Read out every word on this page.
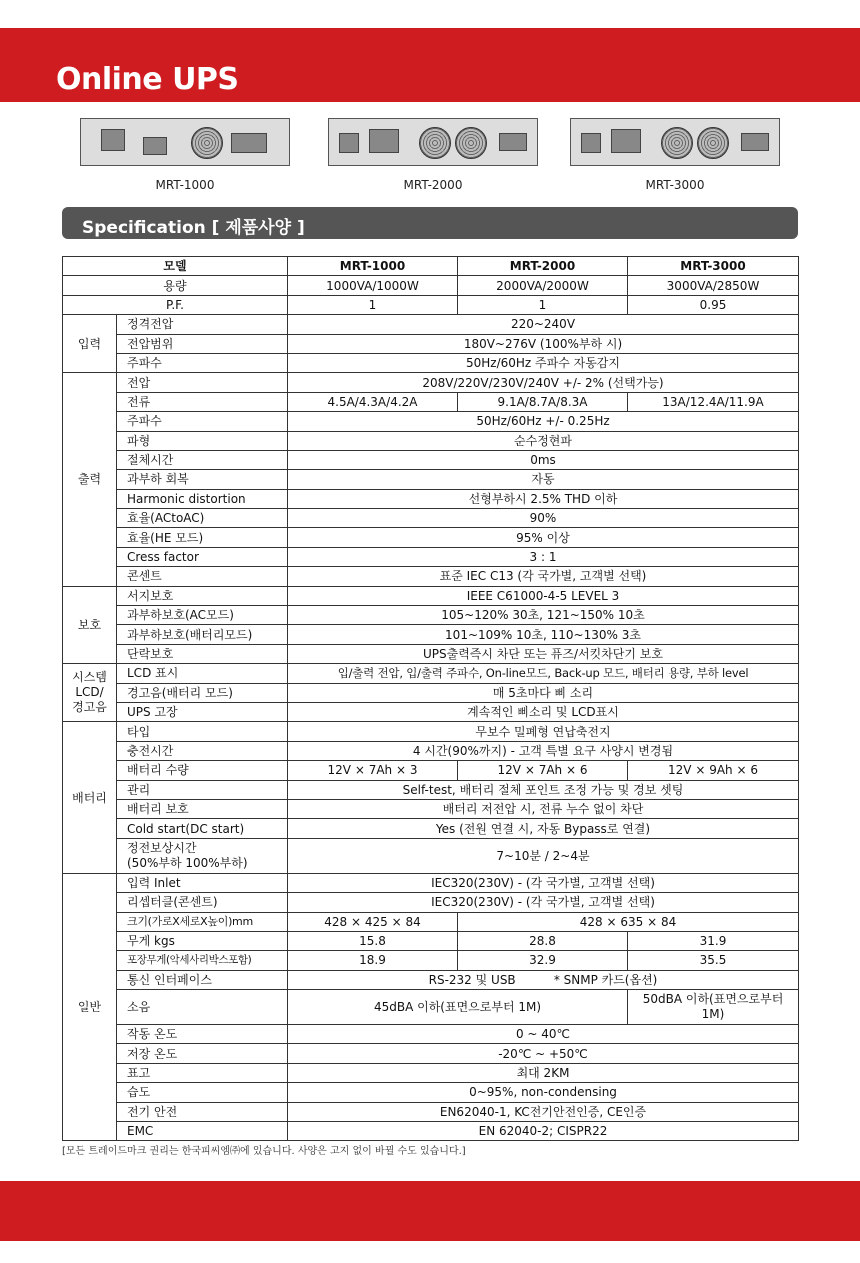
Online UPS
MRT-1000	MRT-2000	MRT-3000
Specification [ 제품사양 ]
모델		MRT-1000	MRT-2000	MRT-3000
용량		1000VA/1000W	2000VA/2000W	3000VA/2850W
P.F.		1	1	0.95
입력	정격전압	220~240V		
	전압범위	180V~276V (100%부하 시)		
	주파수	50Hz/60Hz 주파수 자동감지		
출력	전압	208V/220V/230V/240V +/- 2% (선택가능)		
	전류	4.5A/4.3A/4.2A	9.1A/8.7A/8.3A	13A/12.4A/11.9A
	주파수	50Hz/60Hz +/- 0.25Hz		
	파형	순수정현파		
	절체시간	0ms		
	과부하 회복	자동		
	Harmonic distortion	선형부하시 2.5% THD 이하		
	효율(ACtoAC)	90%		
	효율(HE 모드)	95% 이상		
	Cress factor	3 : 1		
	콘센트	표준 IEC C13 (각 국가별, 고객별 선택)		
보호	서지보호	IEEE C61000-4-5 LEVEL 3		
	과부하보호(AC모드)	105~120% 30초, 121~150% 10초		
	과부하보호(배터리모드)	101~109% 10초, 110~130% 3초		
	단락보호	UPS출력즉시 차단 또는 퓨즈/서킷차단기 보호		
시스템
LCD/
경고음	LCD 표시	입/출력 전압, 입/출력 주파수, On-line모드, Back-up 모드, 배터리 용량, 부하 level		
	경고음(배터리 모드)	매 5초마다 삐 소리		
	UPS 고장	계속적인 삐소리 및 LCD표시		
배터리	타입	무보수 밀폐형 연납축전지		
	충전시간	4 시간(90%까지) - 고객 특별 요구 사양시 변경됨		
	배터리 수량	12V × 7Ah × 3	12V × 7Ah × 6	12V × 9Ah × 6
	관리	Self-test, 배터리 절체 포인트 조정 가능 및 경보 셋팅		
	배터리 보호	배터리 저전압 시, 전류 누수 없이 차단		
	Cold start(DC start)	Yes (전원 연결 시, 자동 Bypass로 연결)		
	정전보상시간
(50%부하 100%부하)	7~10분 / 2~4분		
일반	입력 Inlet	IEC320(230V) - (각 국가별, 고객별 선택)		
	리셉터클(콘센트)	IEC320(230V) - (각 국가별, 고객별 선택)		
	크기(가로X세로X높이)mm	428 × 425 × 84	428 × 635 × 84	
	무게 kgs	15.8	28.8	31.9
	포장무게(악세사리박스포함)	18.9	32.9	35.5
	통신 인터페이스	RS-232 및 USB          * SNMP 카드(옵션)		
	소음	45dBA 이하(표면으로부터 1M)		50dBA 이하(표면으로부터 1M)
	작동 온도	0 ~ 40℃		
	저장 온도	-20℃ ~ +50℃		
	표고	최대 2KM		
	습도	0~95%, non-condensing		
	전기 안전	EN62040-1, KC전기안전인증, CE인증		
	EMC	EN 62040-2; CISPR22		
[모든 트레이드마크 권리는 한국피씨엠㈜에 있습니다. 사양은 고지 없이 바뀔 수도 있습니다.]
